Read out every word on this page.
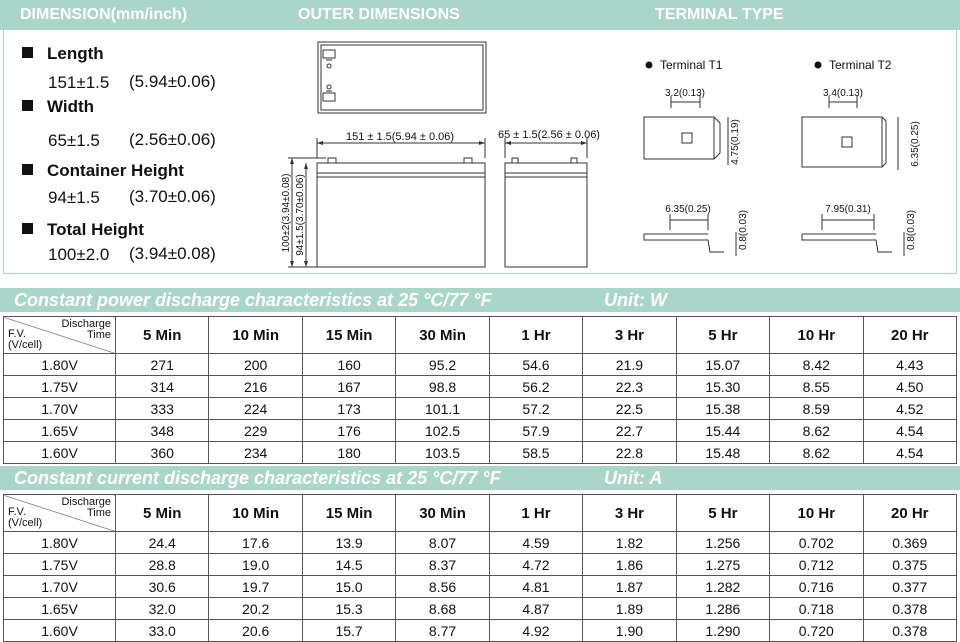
DIMENSION(mm/inch)	OUTER DIMENSIONS	TERMINAL TYPE
Length
151±1.5 (5.94±0.06)
Width
65±1.5 (2.56±0.06)
Container Height
94±1.5 (3.70±0.06)
Total Height
100±2.0 (3.94±0.08)
151 ± 1.5(5.94 ± 0.06)	65 ± 1.5(2.56 ± 0.06)
100±2(3.94±0.08) 94±1.5(3.70±0.06)
Terminal T1
3.2(0.13)
4.75(0.19)
6.35(0.25)
0.8(0.03)
Terminal T2
3.4(0.13)
6.35(0.25)
7.95(0.31)
0.8(0.03)
Constant power discharge characteristics at 25 °C/77 °F	Unit: W
Discharge
Time
F.V.
(V/cell)	5 Min	10 Min	15 Min	30 Min	1 Hr	3 Hr	5 Hr	10 Hr	20 Hr
1.80V	271	200	160	95.2	54.6	21.9	15.07	8.42	4.43
1.75V	314	216	167	98.8	56.2	22.3	15.30	8.55	4.50
1.70V	333	224	173	101.1	57.2	22.5	15.38	8.59	4.52
1.65V	348	229	176	102.5	57.9	22.7	15.44	8.62	4.54
1.60V	360	234	180	103.5	58.5	22.8	15.48	8.62	4.54
Constant current discharge characteristics at 25 °C/77 °F	Unit: A
Discharge
Time
F.V.
(V/cell)	5 Min	10 Min	15 Min	30 Min	1 Hr	3 Hr	5 Hr	10 Hr	20 Hr
1.80V	24.4	17.6	13.9	8.07	4.59	1.82	1.256	0.702	0.369
1.75V	28.8	19.0	14.5	8.37	4.72	1.86	1.275	0.712	0.375
1.70V	30.6	19.7	15.0	8.56	4.81	1.87	1.282	0.716	0.377
1.65V	32.0	20.2	15.3	8.68	4.87	1.89	1.286	0.718	0.378
1.60V	33.0	20.6	15.7	8.77	4.92	1.90	1.290	0.720	0.378
